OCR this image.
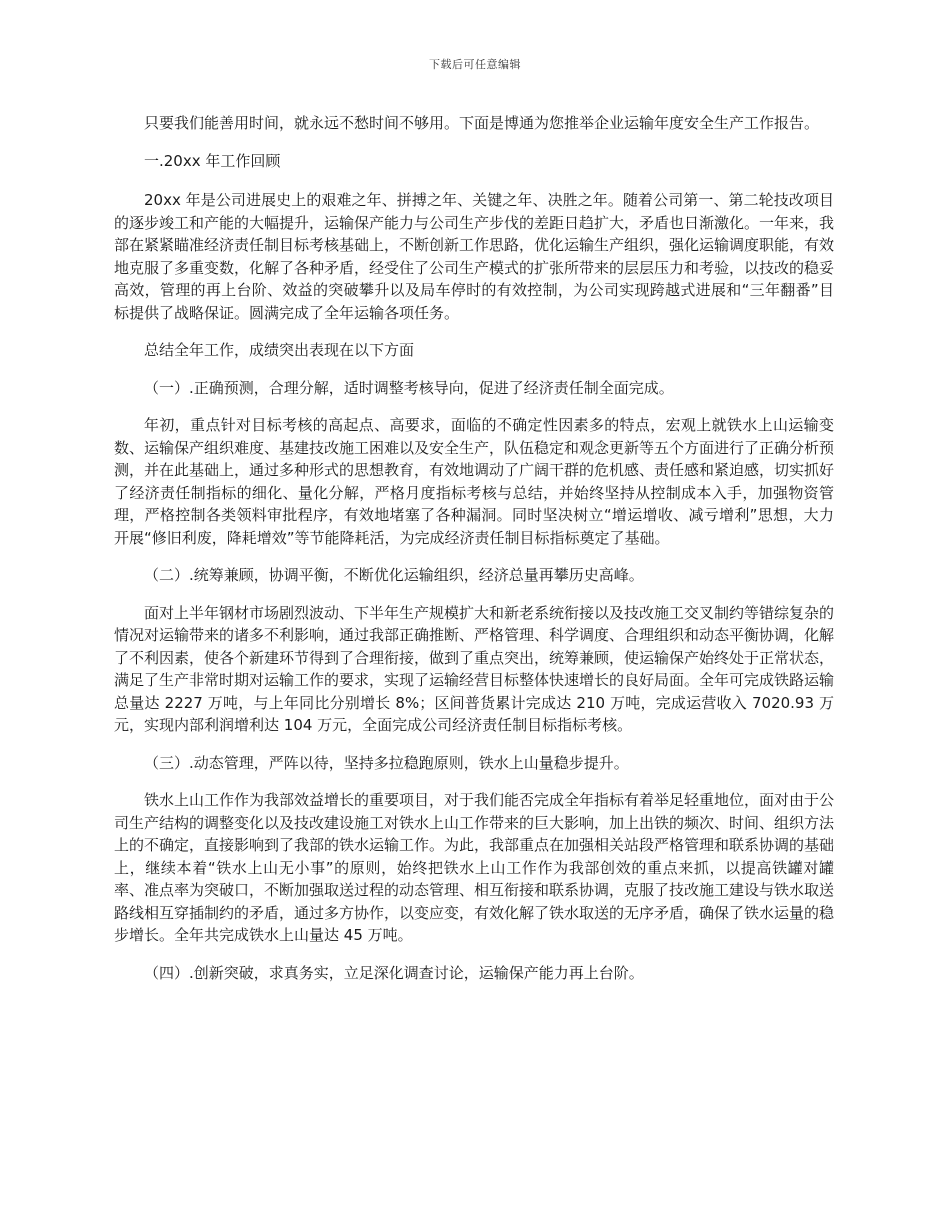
下载后可任意编辑

只要我们能善用时间，就永远不愁时间不够用。下面是博通为您推举企业运输年度安全生产工作报告。

一.20xx 年工作回顾

20xx 年是公司进展史上的艰难之年、拼搏之年、关键之年、决胜之年。随着公司第一、第二轮技改项目的逐步竣工和产能的大幅提升，运输保产能力与公司生产步伐的差距日趋扩大，矛盾也日渐激化。一年来，我部在紧紧瞄准经济责任制目标考核基础上，不断创新工作思路，优化运输生产组织，强化运输调度职能，有效地克服了多重变数，化解了各种矛盾，经受住了公司生产模式的扩张所带来的层层压力和考验，以技改的稳妥高效，管理的再上台阶、效益的突破攀升以及局车停时的有效控制，为公司实现跨越式进展和“三年翻番”目标提供了战略保证。圆满完成了全年运输各项任务。

总结全年工作，成绩突出表现在以下方面

（一）.正确预测，合理分解，适时调整考核导向，促进了经济责任制全面完成。

年初，重点针对目标考核的高起点、高要求，面临的不确定性因素多的特点，宏观上就铁水上山运输变数、运输保产组织难度、基建技改施工困难以及安全生产，队伍稳定和观念更新等五个方面进行了正确分析预测，并在此基础上，通过多种形式的思想教育，有效地调动了广阔干群的危机感、责任感和紧迫感，切实抓好了经济责任制指标的细化、量化分解，严格月度指标考核与总结，并始终坚持从控制成本入手，加强物资管理，严格控制各类领料审批程序，有效地堵塞了各种漏洞。同时坚决树立“增运增收、减亏增利”思想，大力开展“修旧利废，降耗增效”等节能降耗活，为完成经济责任制目标指标奠定了基础。

（二）.统筹兼顾，协调平衡，不断优化运输组织，经济总量再攀历史高峰。

面对上半年钢材市场剧烈波动、下半年生产规模扩大和新老系统衔接以及技改施工交叉制约等错综复杂的情况对运输带来的诸多不利影响，通过我部正确推断、严格管理、科学调度、合理组织和动态平衡协调，化解了不利因素，使各个新建环节得到了合理衔接，做到了重点突出，统筹兼顾，使运输保产始终处于正常状态，满足了生产非常时期对运输工作的要求，实现了运输经营目标整体快速增长的良好局面。全年可完成铁路运输总量达 2227 万吨，与上年同比分别增长 8%；区间普货累计完成达 210 万吨，完成运营收入 7020.93 万元，实现内部利润增利达 104 万元，全面完成公司经济责任制目标指标考核。

（三）.动态管理，严阵以待，坚持多拉稳跑原则，铁水上山量稳步提升。

铁水上山工作作为我部效益增长的重要项目，对于我们能否完成全年指标有着举足轻重地位，面对由于公司生产结构的调整变化以及技改建设施工对铁水上山工作带来的巨大影响，加上出铁的频次、时间、组织方法上的不确定，直接影响到了我部的铁水运输工作。为此，我部重点在加强相关站段严格管理和联系协调的基础上，继续本着“铁水上山无小事”的原则，始终把铁水上山工作作为我部创效的重点来抓，以提高铁罐对罐率、准点率为突破口，不断加强取送过程的动态管理、相互衔接和联系协调，克服了技改施工建设与铁水取送路线相互穿插制约的矛盾，通过多方协作，以变应变，有效化解了铁水取送的无序矛盾，确保了铁水运量的稳步增长。全年共完成铁水上山量达 45 万吨。

（四）.创新突破，求真务实，立足深化调查讨论，运输保产能力再上台阶。
